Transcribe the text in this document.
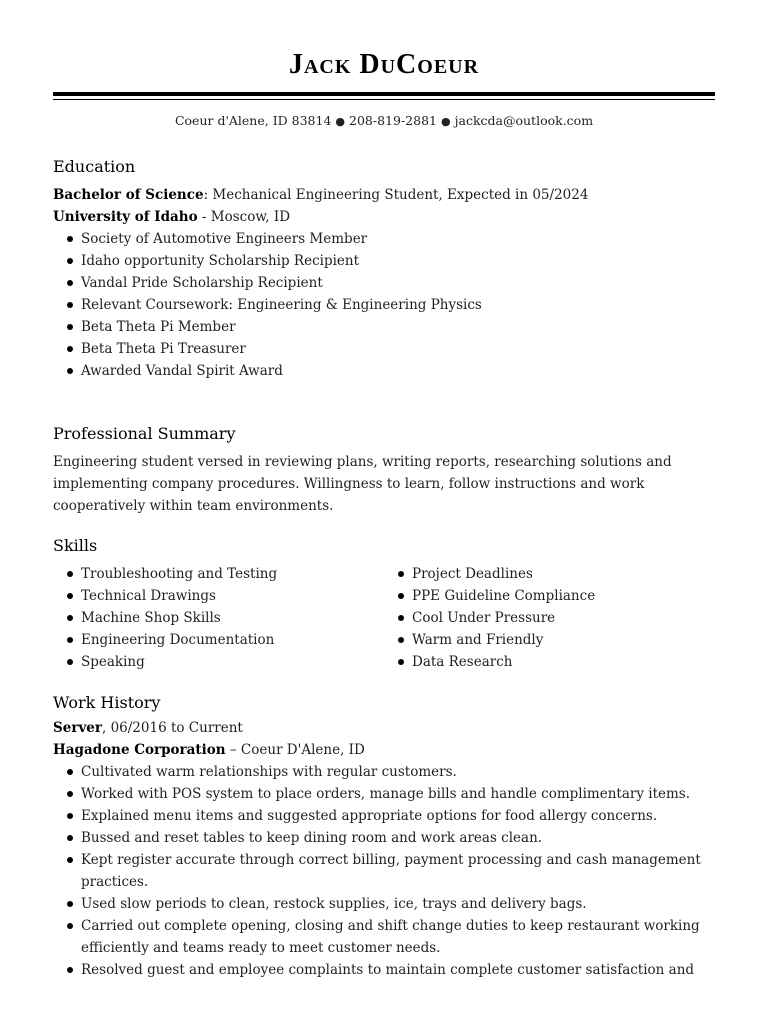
Jack DuCoeur
Coeur d'Alene, ID 83814 ● 208-819-2881 ● jackcda@outlook.com
Education
Bachelor of Science: Mechanical Engineering Student, Expected in 05/2024
University of Idaho - Moscow, ID
Society of Automotive Engineers Member
Idaho opportunity Scholarship Recipient
Vandal Pride Scholarship Recipient
Relevant Coursework: Engineering & Engineering Physics
Beta Theta Pi Member
Beta Theta Pi Treasurer
Awarded Vandal Spirit Award
Professional Summary
Engineering student versed in reviewing plans, writing reports, researching solutions and implementing company procedures. Willingness to learn, follow instructions and work cooperatively within team environments.
Skills
Troubleshooting and Testing
Technical Drawings
Machine Shop Skills
Engineering Documentation
Speaking
Project Deadlines
PPE Guideline Compliance
Cool Under Pressure
Warm and Friendly
Data Research
Work History
Server, 06/2016 to Current
Hagadone Corporation – Coeur D'Alene, ID
Cultivated warm relationships with regular customers.
Worked with POS system to place orders, manage bills and handle complimentary items.
Explained menu items and suggested appropriate options for food allergy concerns.
Bussed and reset tables to keep dining room and work areas clean.
Kept register accurate through correct billing, payment processing and cash management practices.
Used slow periods to clean, restock supplies, ice, trays and delivery bags.
Carried out complete opening, closing and shift change duties to keep restaurant working efficiently and teams ready to meet customer needs.
Resolved guest and employee complaints to maintain complete customer satisfaction and
